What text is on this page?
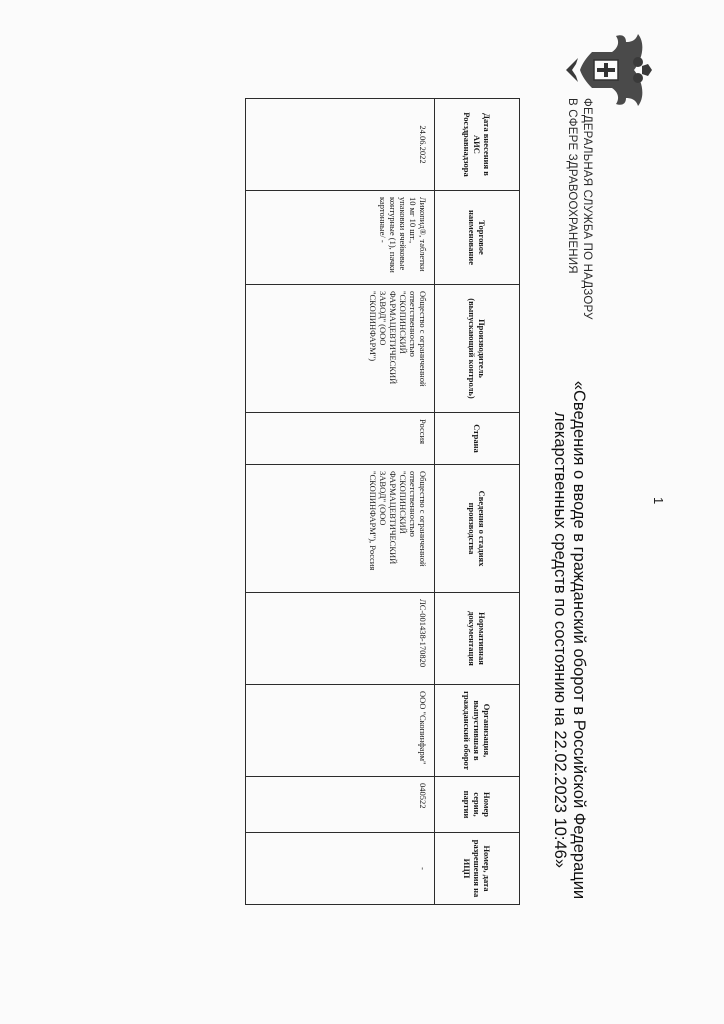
ФЕДЕРАЛЬНАЯ СЛУЖБА ПО НАДЗОРУ
В СФЕРЕ ЗДРАВООХРАНЕНИЯ
«Сведения о вводе в гражданский оборот в Российской Федерации
лекарственных средств по состоянию на 22.02.2023 10:46»
Дата внесения в АИС Росздравнадзора	Торговое наименование	Производитель (выпускающий контроль)	Страна	Сведения о стадиях производства	Нормативная документация	Организация, выпустившая в гражданский оборот	Номер серии, партии	Номер, дата разрешения на ИЦП
24.06.2022	Ликопид®, таблетки 10 мг 10 шт., упаковки ячейковые контурные (1), пачки картонные/ -	Общество с ограниченной ответственностью "СКОПИНСКИЙ ФАРМАЦЕВТИЧЕСКИЙ ЗАВОД" (ООО "СКОПИНФАРМ")	Россия	Общество с ограниченной ответственностью "СКОПИНСКИЙ ФАРМАЦЕВТИЧЕСКИЙ ЗАВОД" (ООО "СКОПИНФАРМ"), Россия	ЛС-001438-170820	ООО "Скопинфарм"	040522	-
1
